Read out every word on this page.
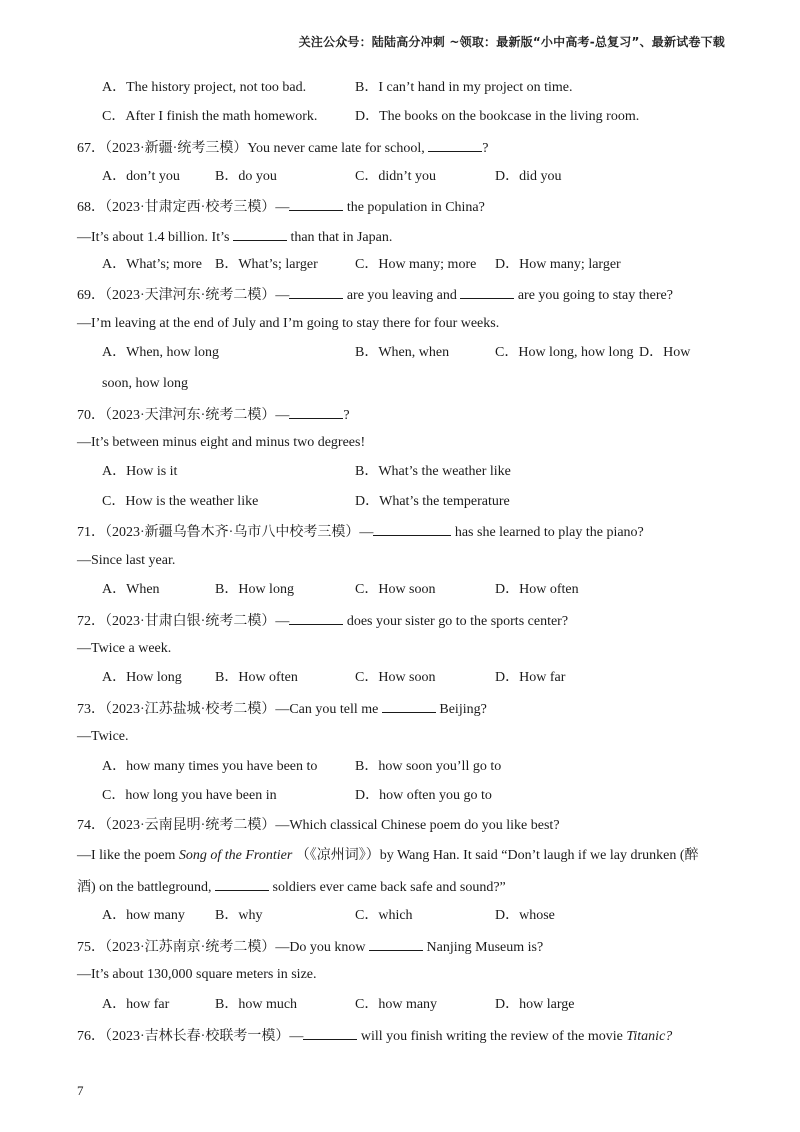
关注公众号：陆陆高分冲刺 ~领取：最新版“小中高考-总复习”、最新试卷下载
A．The history project, not too bad.	B．I can’t hand in my project on time.
C．After I finish the math homework.	D．The books on the bookcase in the living room.
67．（2023·新疆·统考三模）You never came late for school,	?
A．don’t you	B．do you	C．didn’t you	D．did you
68．（2023·甘肃定西·校考三模）—	the population in China?
—It’s about 1.4 billion. It’s	than that in Japan.
A．What’s; more B．What’s; larger	C．How many; more D．How many; larger
69．（2023·天津河东·统考二模）—	are you leaving and	are you going to stay there?
—I’m leaving at the end of July and I’m going to stay there for four weeks.
A．When, how long	B．When, when	C．How long, how long D．How
soon, how long
70．（2023·天津河东·统考二模）—	?
—It’s between minus eight and minus two degrees!
A．How is it	B．What’s the weather like
C．How is the weather like	D．What’s the temperature
71．（2023·新疆乌鲁木齐·乌市八中校考三模）—	has she learned to play the piano?
—Since last year.
A．When	B．How long	C．How soon	D．How often
72．（2023·甘肃白银·统考二模）—	does your sister go to the sports center?
—Twice a week.
A．How long B．How often	C．How soon	D．How far
73．（2023·江苏盐城·校考二模）—Can you tell me	Beijing?
—Twice.
A．how many times you have been to	B．how soon you’ll go to
C．how long you have been in	D．how often you go to
74．（2023·云南昆明·统考二模）—Which classical Chinese poem do you like best?
—I like the poem Song of the Frontier （《凉州词》）by Wang Han. It said “Don’t laugh if we lay drunken (醉
酒) on the battleground,	soldiers ever came back safe and sound?”
A．how many B．why	C．which	D．whose
75．（2023·江苏南京·统考二模）—Do you know	Nanjing Museum is?
—It’s about 130,000 square meters in size.
A．how far	B．how much	C．how many	D．how large
76．（2023·吉林长春·校联考一模）—	will you finish writing the review of the movie Titanic?
7
